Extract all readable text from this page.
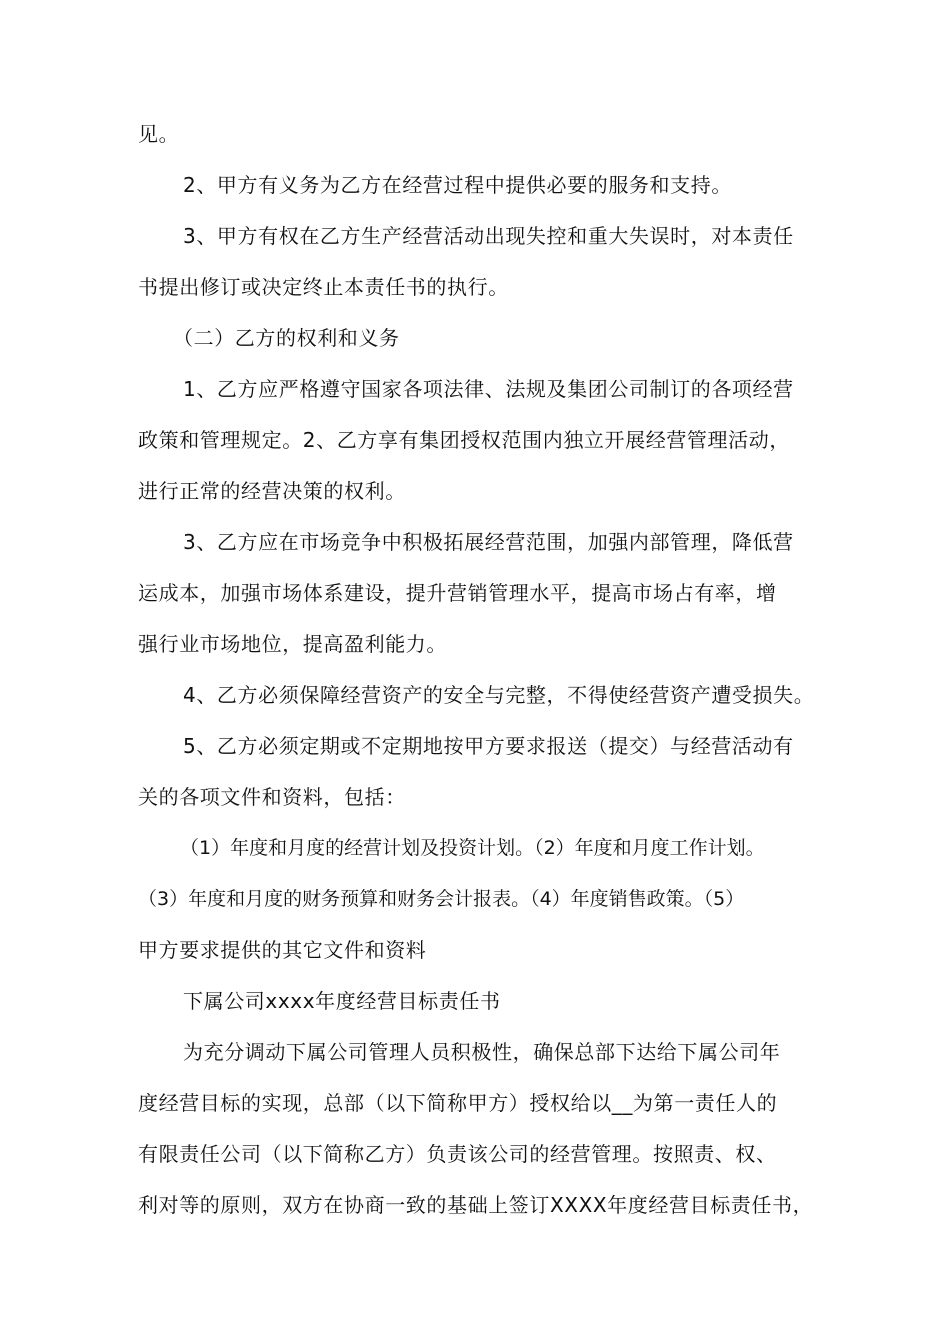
见。
2、甲方有义务为乙方在经营过程中提供必要的服务和支持。
3、甲方有权在乙方生产经营活动出现失控和重大失误时，对本责任
书提出修订或决定终止本责任书的执行。
（二）乙方的权利和义务
1、乙方应严格遵守国家各项法律、法规及集团公司制订的各项经营
政策和管理规定。2、乙方享有集团授权范围内独立开展经营管理活动，
进行正常的经营决策的权利。
3、乙方应在市场竞争中积极拓展经营范围，加强内部管理，降低营
运成本，加强市场体系建设，提升营销管理水平，提高市场占有率，增
强行业市场地位，提高盈利能力。
4、乙方必须保障经营资产的安全与完整，不得使经营资产遭受损失。
5、乙方必须定期或不定期地按甲方要求报送（提交）与经营活动有
关的各项文件和资料，包括：
（1）年度和月度的经营计划及投资计划。（2）年度和月度工作计划。
（3）年度和月度的财务预算和财务会计报表。（4）年度销售政策。（5）
甲方要求提供的其它文件和资料
下属公司xxxx年度经营目标责任书
为充分调动下属公司管理人员积极性，确保总部下达给下属公司年
度经营目标的实现，总部（以下简称甲方）授权给以__为第一责任人的
有限责任公司（以下简称乙方）负责该公司的经营管理。按照责、权、
利对等的原则，双方在协商一致的基础上签订XXXX年度经营目标责任书，
